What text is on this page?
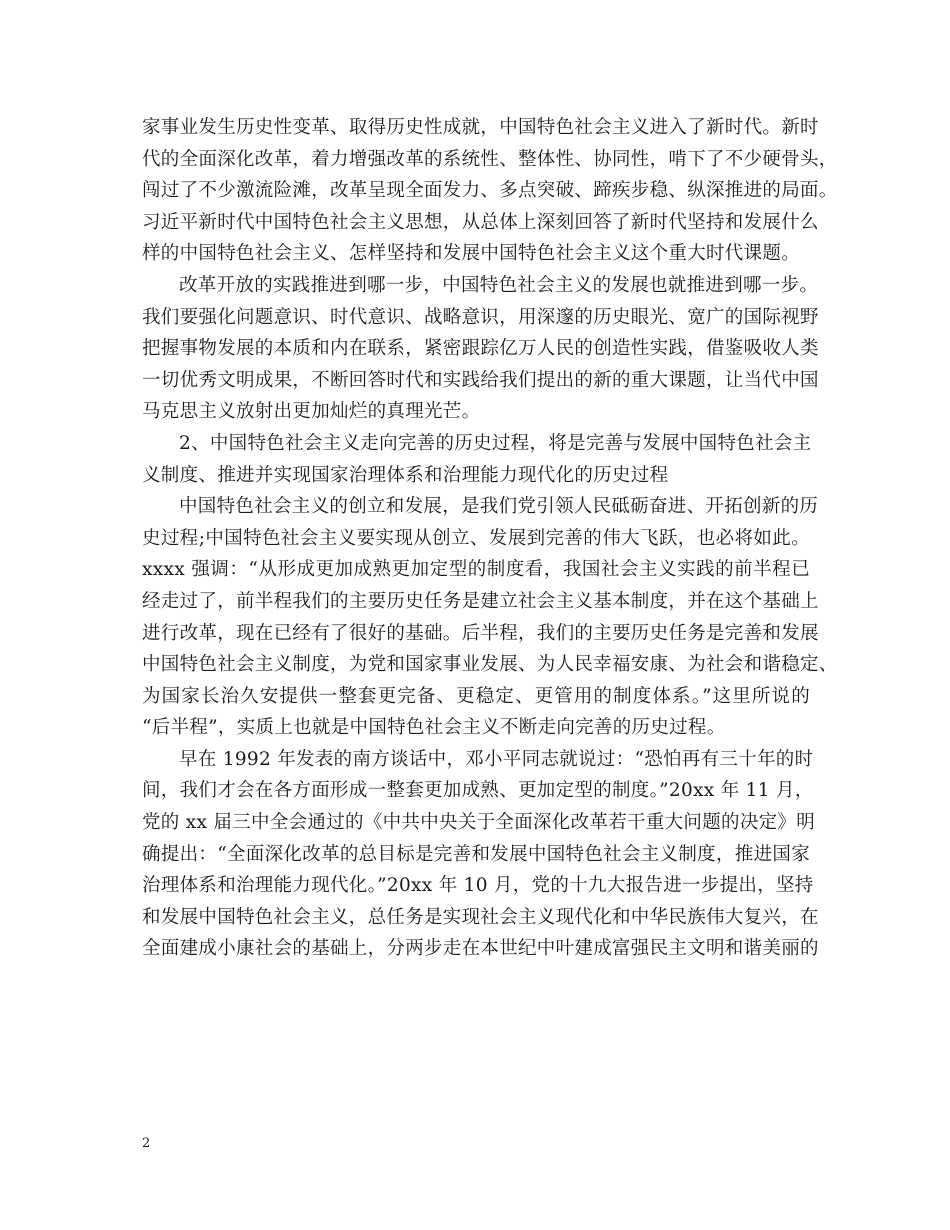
家事业发生历史性变革、取得历史性成就，中国特色社会主义进入了新时代。新时
代的全面深化改革，着力增强改革的系统性、整体性、协同性，啃下了不少硬骨头，
闯过了不少激流险滩，改革呈现全面发力、多点突破、蹄疾步稳、纵深推进的局面。
习近平新时代中国特色社会主义思想，从总体上深刻回答了新时代坚持和发展什么
样的中国特色社会主义、怎样坚持和发展中国特色社会主义这个重大时代课题。
改革开放的实践推进到哪一步，中国特色社会主义的发展也就推进到哪一步。
我们要强化问题意识、时代意识、战略意识，用深邃的历史眼光、宽广的国际视野
把握事物发展的本质和内在联系，紧密跟踪亿万人民的创造性实践，借鉴吸收人类
一切优秀文明成果，不断回答时代和实践给我们提出的新的重大课题，让当代中国
马克思主义放射出更加灿烂的真理光芒。
2、中国特色社会主义走向完善的历史过程，将是完善与发展中国特色社会主
义制度、推进并实现国家治理体系和治理能力现代化的历史过程
中国特色社会主义的创立和发展，是我们党引领人民砥砺奋进、开拓创新的历
史过程;中国特色社会主义要实现从创立、发展到完善的伟大飞跃，也必将如此。
xxxx 强调：“从形成更加成熟更加定型的制度看，我国社会主义实践的前半程已
经走过了，前半程我们的主要历史任务是建立社会主义基本制度，并在这个基础上
进行改革，现在已经有了很好的基础。后半程，我们的主要历史任务是完善和发展
中国特色社会主义制度，为党和国家事业发展、为人民幸福安康、为社会和谐稳定、
为国家长治久安提供一整套更完备、更稳定、更管用的制度体系。”这里所说的
“后半程”，实质上也就是中国特色社会主义不断走向完善的历史过程。
早在 1992 年发表的南方谈话中，邓小平同志就说过：“恐怕再有三十年的时
间，我们才会在各方面形成一整套更加成熟、更加定型的制度。”20xx 年 11 月，
党的 xx 届三中全会通过的《中共中央关于全面深化改革若干重大问题的决定》明
确提出：“全面深化改革的总目标是完善和发展中国特色社会主义制度，推进国家
治理体系和治理能力现代化。”20xx 年 10 月，党的十九大报告进一步提出，坚持
和发展中国特色社会主义，总任务是实现社会主义现代化和中华民族伟大复兴，在
全面建成小康社会的基础上，分两步走在本世纪中叶建成富强民主文明和谐美丽的
2
